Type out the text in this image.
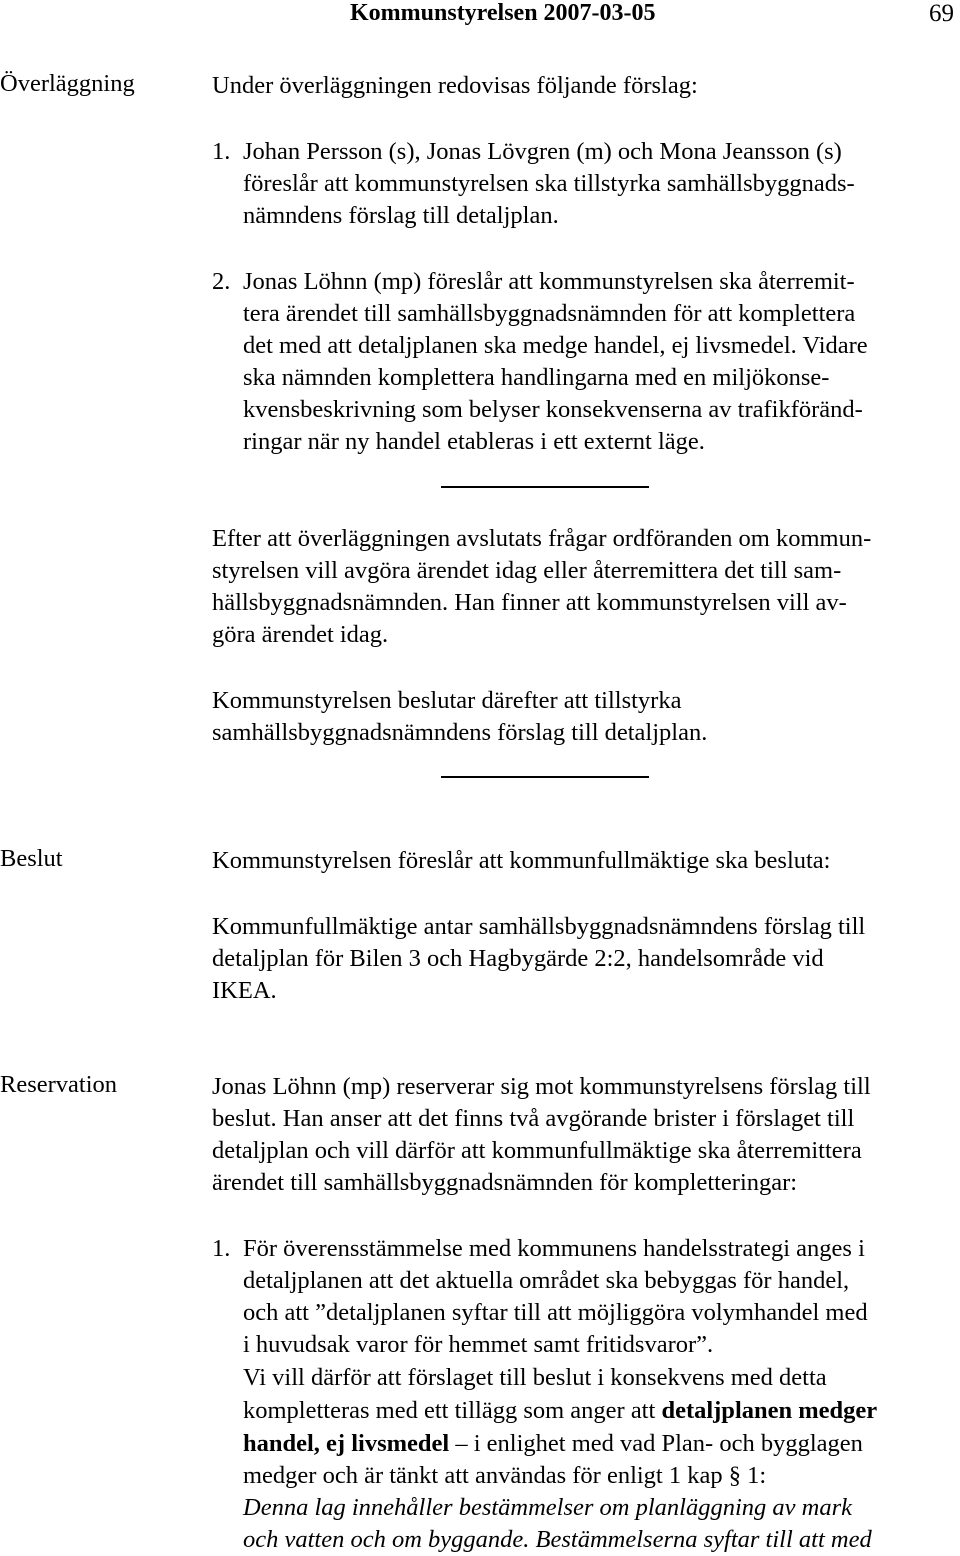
Kommunstyrelsen 2007-03-05	69
Överläggning	Under överläggningen redovisas följande förslag:
1. Johan Persson (s), Jonas Lövgren (m) och Mona Jeansson (s)
föreslår att kommunstyrelsen ska tillstyrka samhällsbyggnads-
nämndens förslag till detaljplan.
2. Jonas Löhnn (mp) föreslår att kommunstyrelsen ska återremit-
tera ärendet till samhällsbyggnadsnämnden för att komplettera
det med att detaljplanen ska medge handel, ej livsmedel. Vidare
ska nämnden komplettera handlingarna med en miljökonse-
kvensbeskrivning som belyser konsekvenserna av trafikföränd-
ringar när ny handel etableras i ett externt läge.
Efter att överläggningen avslutats frågar ordföranden om kommun-
styrelsen vill avgöra ärendet idag eller återremittera det till sam-
hällsbyggnadsnämnden. Han finner att kommunstyrelsen vill av-
göra ärendet idag.
Kommunstyrelsen beslutar därefter att tillstyrka
samhällsbyggnadsnämndens förslag till detaljplan.
Beslut	Kommunstyrelsen föreslår att kommunfullmäktige ska besluta:
Kommunfullmäktige antar samhällsbyggnadsnämndens förslag till
detaljplan för Bilen 3 och Hagbygärde 2:2, handelsområde vid
IKEA.
Reservation	Jonas Löhnn (mp) reserverar sig mot kommunstyrelsens förslag till
beslut. Han anser att det finns två avgörande brister i förslaget till
detaljplan och vill därför att kommunfullmäktige ska återremittera
ärendet till samhällsbyggnadsnämnden för kompletteringar:
1. För överensstämmelse med kommunens handelsstrategi anges i
detaljplanen att det aktuella området ska bebyggas för handel,
och att ”detaljplanen syftar till att möjliggöra volymhandel med
i huvudsak varor för hemmet samt fritidsvaror”.
Vi vill därför att förslaget till beslut i konsekvens med detta
kompletteras med ett tillägg som anger att detaljplanen medger
handel, ej livsmedel – i enlighet med vad Plan- och bygglagen
medger och är tänkt att användas för enligt 1 kap § 1:
Denna lag innehåller bestämmelser om planläggning av mark
och vatten och om byggande. Bestämmelserna syftar till att med
